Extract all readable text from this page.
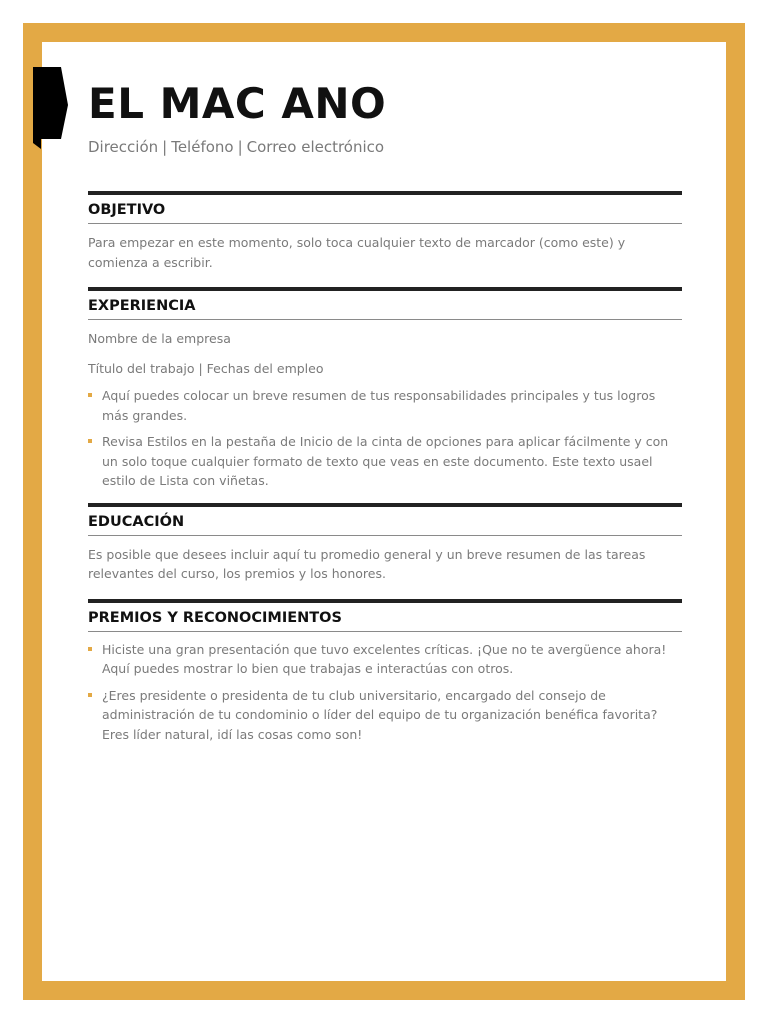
EL MAC ANO
Dirección | Teléfono | Correo electrónico
OBJETIVO

Para empezar en este momento, solo toca cualquier texto de marcador (como este) y comienza a escribir.

EXPERIENCIA

Nombre de la empresa

Título del trabajo | Fechas del empleo

Aquí puedes colocar un breve resumen de tus responsabilidades principales y tus logros más grandes.
Revisa Estilos en la pestaña de Inicio de la cinta de opciones para aplicar fácilmente y con un solo toque cualquier formato de texto que veas en este documento. Este texto usael estilo de Lista con viñetas.
EDUCACIÓN

Es posible que desees incluir aquí tu promedio general y un breve resumen de las tareas relevantes del curso, los premios y los honores.

PREMIOS Y RECONOCIMIENTOS
Hiciste una gran presentación que tuvo excelentes críticas. ¡Que no te avergüence ahora! Aquí puedes mostrar lo bien que trabajas e interactúas con otros.
¿Eres presidente o presidenta de tu club universitario, encargado del consejo de administración de tu condominio o líder del equipo de tu organización benéfica favorita? Eres líder natural, idí las cosas como son!
